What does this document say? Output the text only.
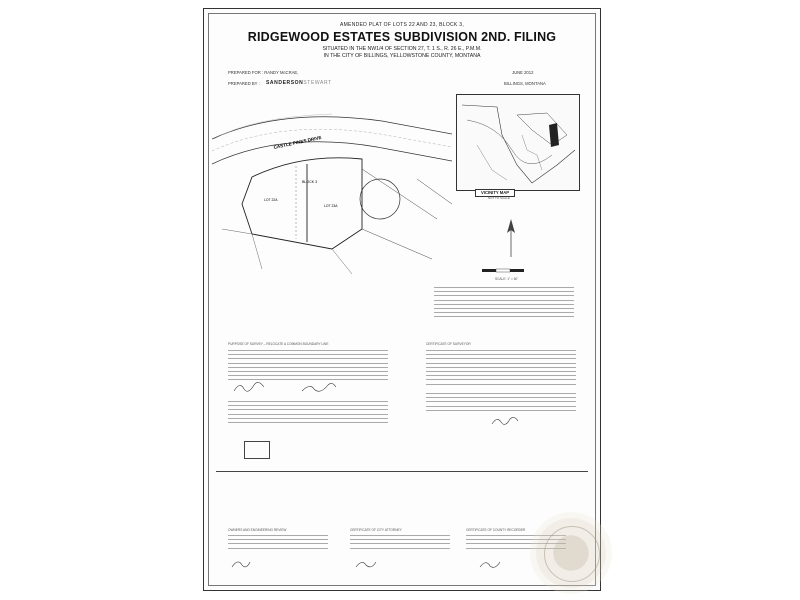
AMENDED PLAT OF LOTS 22 AND 23, BLOCK 3,
RIDGEWOOD ESTATES SUBDIVISION 2ND. FILING
SITUATED IN THE NW1/4 OF SECTION 27, T. 1 S., R. 26 E., P.M.M.
IN THE CITY OF BILLINGS, YELLOWSTONE COUNTY, MONTANA
PREPARED FOR : RANDY McCRAE,	JUNE 2012
PREPARED BY : SANDERSONSTEWART	BILLINGS, MONTANA
CASTLE PINES DRIVE
BLOCK 3
LOT 22A
LOT 23A
VICINITY MAP
NOT TO SCALE
SCALE: 1" = 60'
PURPOSE OF SURVEY – RELOCATE A COMMON BOUNDARY LINE	CERTIFICATE OF SURVEYOR
OWNERS AND ENGINEERING REVIEW	CERTIFICATE OF CITY ATTORNEY	CERTIFICATE OF COUNTY RECORDER
